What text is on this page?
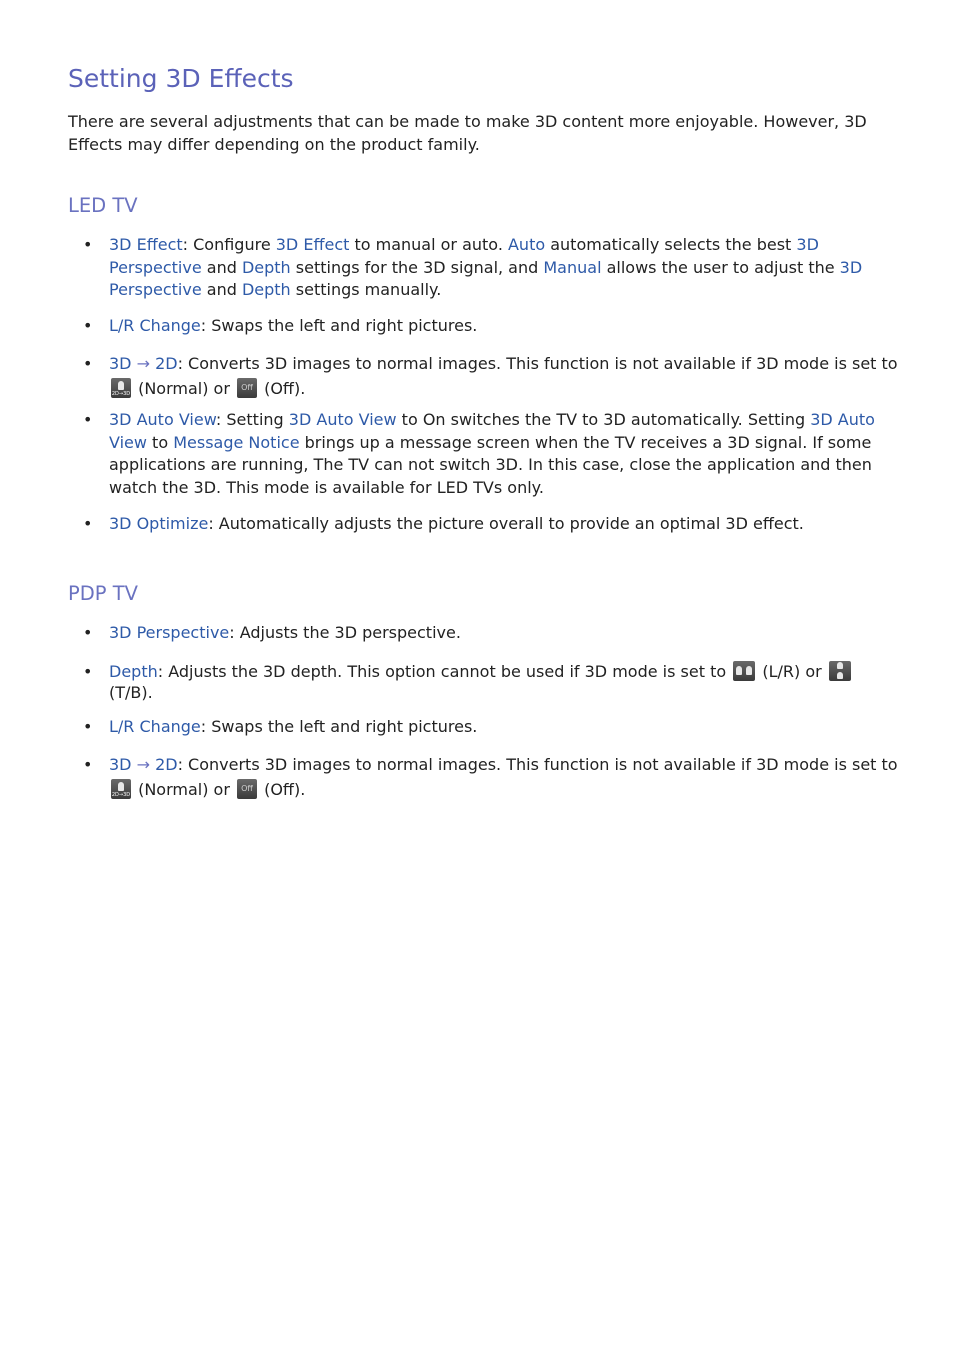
Setting 3D Effects

There are several adjustments that can be made to make 3D content more enjoyable. However, 3D Effects may differ depending on the product family.

LED TV
• 3D Effect: Configure 3D Effect to manual or auto. Auto automatically selects the best 3D Perspective and Depth settings for the 3D signal, and Manual allows the user to adjust the 3D Perspective and Depth settings manually.
• L/R Change: Swaps the left and right pictures.
• 3D → 2D: Converts 3D images to normal images. This function is not available if 3D mode is set to
2D→3D (Normal) or Off (Off).
• 3D Auto View: Setting 3D Auto View to On switches the TV to 3D automatically. Setting 3D Auto View to Message Notice brings up a message screen when the TV receives a 3D signal. If some applications are running, The TV can not switch 3D. In this case, close the application and then watch the 3D. This mode is available for LED TVs only.
• 3D Optimize: Automatically adjusts the picture overall to provide an optimal 3D effect.
PDP TV
• 3D Perspective: Adjusts the 3D perspective.
• Depth: Adjusts the 3D depth. This option cannot be used if 3D mode is set to
(L/R) or
(T/B).
• L/R Change: Swaps the left and right pictures.
• 3D → 2D: Converts 3D images to normal images. This function is not available if 3D mode is set to
2D→3D (Normal) or Off (Off).
